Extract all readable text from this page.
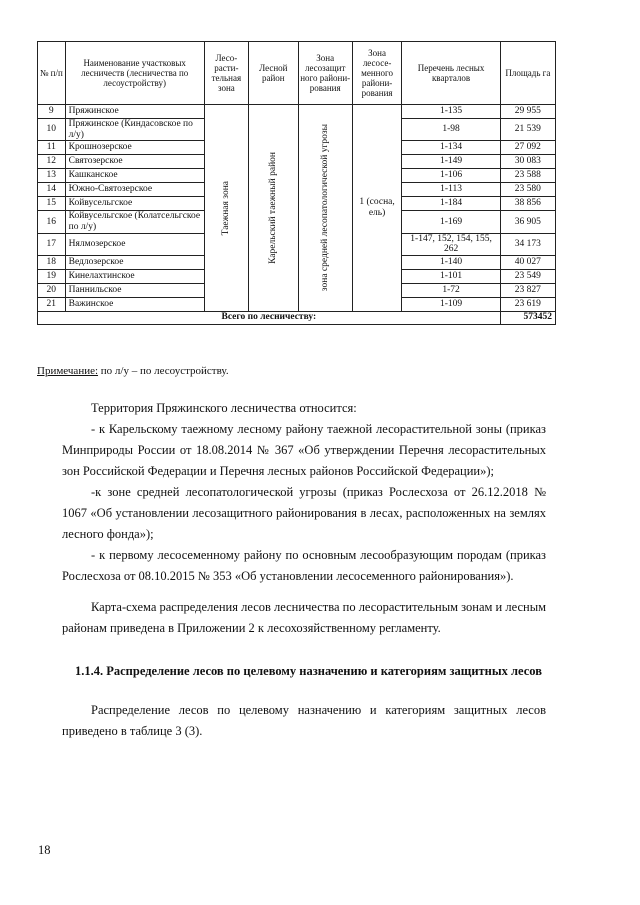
№ п/п	Наименование участковых лесничеств (лесничества по лесоустройству)	Лесо-расти-тельная зона	Лесной район	Зона лесозащит ного райони-рования	Зона лесосе-менного райони-рования	Перечень лесных кварталов	Площадь га
9	Пряжинское	Таежная зона	Карельский таежный район	зона средней лесопатологической угрозы	1 (сосна, ель)	1-135	29 955
10	Пряжинское (Киндасовское по л/у)					1-98	21 539
11	Крошнозерское					1-134	27 092
12	Святозерское					1-149	30 083
13	Кашканское					1-106	23 588
14	Южно-Святозерское					1-113	23 580
15	Койвусельгское					1-184	38 856
16	Койвусельгское (Колатсельгское по л/у)					1-169	36 905
17	Нялмозерское					1-147, 152, 154, 155, 262	34 173
18	Ведлозерское					1-140	40 027
19	Кинелахтинское					1-101	23 549
20	Паннильское					1-72	23 827
21	Важинское					1-109	23 619
Всего по лесничеству:							573452
Примечание: по л/у – по лесоустройству.

Территория Пряжинского лесничества относится:

- к Карельскому таежному лесному району таежной лесорастительной зоны (приказ Минприроды России от 18.08.2014 № 367 «Об утверждении Перечня лесорастительных зон Российской Федерации и Перечня лесных районов Российской Федерации»);

-к зоне средней лесопатологической угрозы (приказ Рослесхоза от 26.12.2018 № 1067 «Об установлении лесозащитного районирования в лесах, расположенных на землях лесного фонда»);

- к первому лесосеменному району по основным лесообразующим породам (приказ Рослесхоза от 08.10.2015 № 353 «Об установлении лесосеменного районирования»).

Карта-схема распределения лесов лесничества по лесорастительным зонам и лесным районам приведена в Приложении 2 к лесохозяйственному регламенту.

1.1.4. Распределение лесов по целевому назначению и категориям защитных лесов

Распределение лесов по целевому назначению и категориям защитных лесов приведено в таблице 3 (3).

18
